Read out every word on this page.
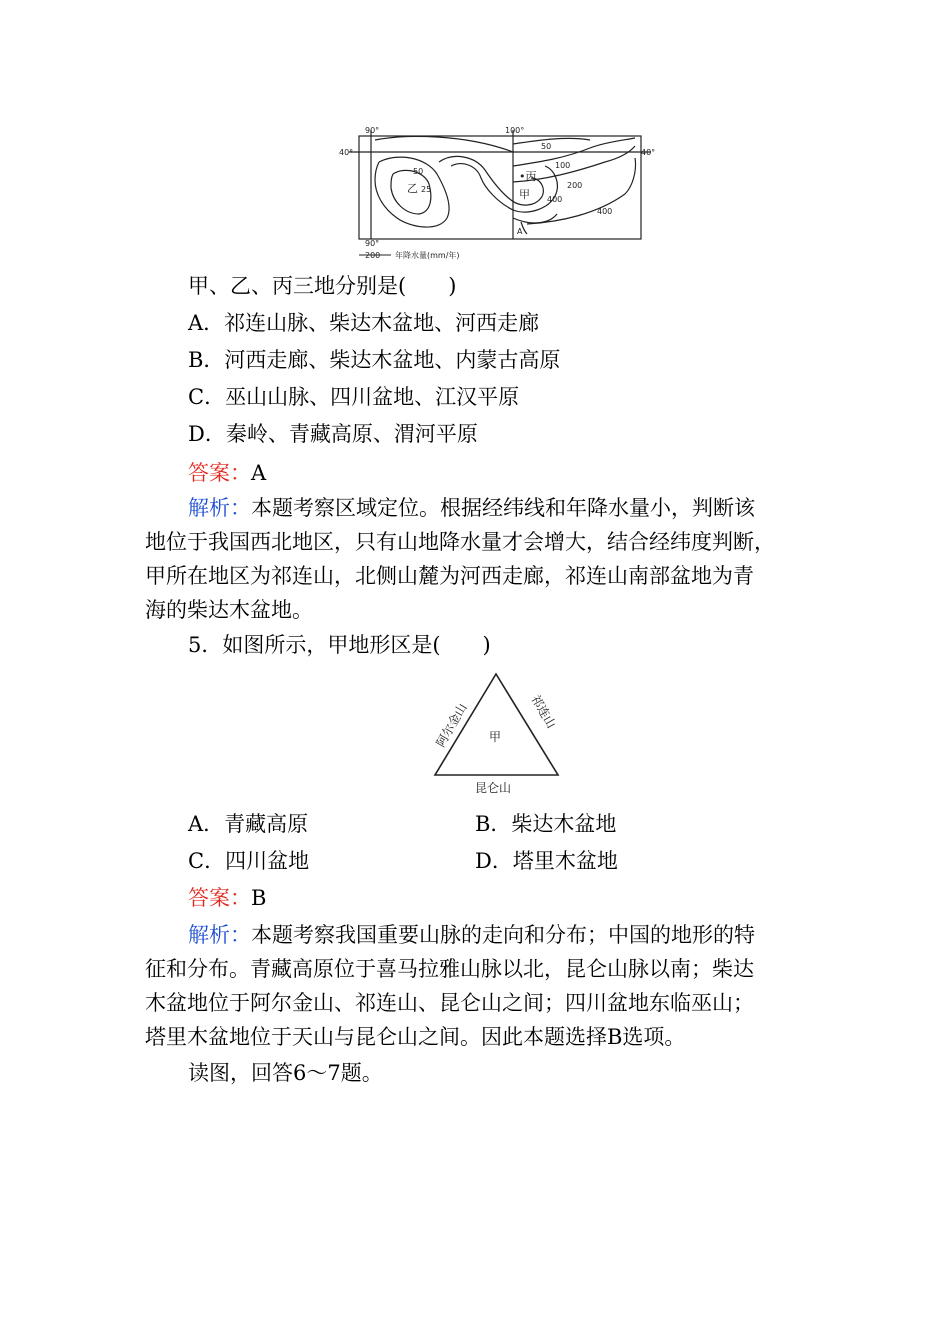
90°	100°
40°	40°
90°
50
100
200
400
50
25
400
A
乙
•丙
甲
200 年降水量(mm/年)
甲、乙、丙三地分别是(　　)
A．祁连山脉、柴达木盆地、河西走廊
B．河西走廊、柴达木盆地、内蒙古高原
C．巫山山脉、四川盆地、江汉平原
D．秦岭、青藏高原、渭河平原
答案：A
解析：本题考察区域定位。根据经纬线和年降水量小，判断该
地位于我国西北地区，只有山地降水量才会增大，结合经纬度判断，
甲所在地区为祁连山，北侧山麓为河西走廊，祁连山南部盆地为青
海的柴达木盆地。
5．如图所示，甲地形区是(　　)
甲
昆仑山
阿尔金山	祁连山
A．青藏高原	B．柴达木盆地
C．四川盆地	D．塔里木盆地
答案：B
解析：本题考察我国重要山脉的走向和分布；中国的地形的特
征和分布。青藏高原位于喜马拉雅山脉以北，昆仑山脉以南；柴达
木盆地位于阿尔金山、祁连山、昆仑山之间；四川盆地东临巫山；
塔里木盆地位于天山与昆仑山之间。因此本题选择B选项。
读图，回答6～7题。
